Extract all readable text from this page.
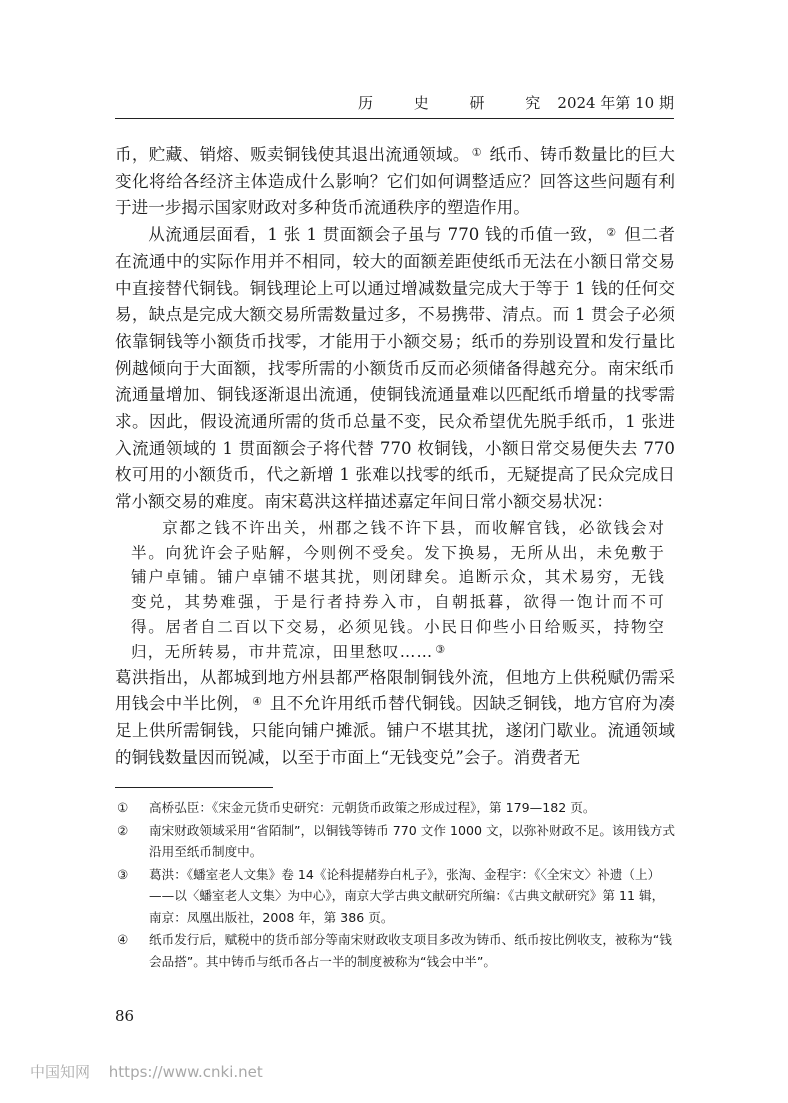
历 史 研 究 2024 年第 10 期

币，贮藏、销熔、贩卖铜钱使其退出流通领域。 ① 纸币、铸币数量比的巨大变化将给各经济主体造成什么影响？它们如何调整适应？回答这些问题有利于进一步揭示国家财政对多种货币流通秩序的塑造作用。

从流通层面看，1 张 1 贯面额会子虽与 770 钱的币值一致， ② 但二者在流通中的实际作用并不相同，较大的面额差距使纸币无法在小额日常交易中直接替代铜钱。铜钱理论上可以通过增减数量完成大于等于 1 钱的任何交易，缺点是完成大额交易所需数量过多，不易携带、清点。而 1 贯会子必须依靠铜钱等小额货币找零，才能用于小额交易；纸币的券别设置和发行量比例越倾向于大面额，找零所需的小额货币反而必须储备得越充分。南宋纸币流通量增加、铜钱逐渐退出流通，使铜钱流通量难以匹配纸币增量的找零需求。因此，假设流通所需的货币总量不变，民众希望优先脱手纸币，1 张进入流通领域的 1 贯面额会子将代替 770 枚铜钱，小额日常交易便失去 770 枚可用的小额货币，代之新增 1 张难以找零的纸币，无疑提高了民众完成日常小额交易的难度。南宋葛洪这样描述嘉定年间日常小额交易状况：

京都之钱不许出关，州郡之钱不许下县，而收解官钱，必欲钱会对半。向犹许会子贴解，今则例不受矣。发下换易，无所从出，未免敷于铺户卓铺。铺户卓铺不堪其扰，则闭肆矣。追断示众，其术易穷，无钱变兑，其势难强，于是行者持券入市，自朝抵暮，欲得一饱计而不可得。居者自二百以下交易，必须见钱。小民日仰些小日给贩买，持物空归，无所转易，市井荒凉，田里愁叹…… ③

葛洪指出，从都城到地方州县都严格限制铜钱外流，但地方上供税赋仍需采用钱会中半比例， ④ 且不允许用纸币替代铜钱。因缺乏铜钱，地方官府为凑足上供所需铜钱，只能向铺户摊派。铺户不堪其扰，遂闭门歇业。流通领域的铜钱数量因而锐减，以至于市面上“无钱变兑”会子。消费者无

①	高桥弘臣：《宋金元货币史研究：元朝货币政策之形成过程》，第 179—182 页。
②	南宋财政领域采用“省陌制”，以铜钱等铸币 770 文作 1000 文，以弥补财政不足。该用钱方式沿用至纸币制度中。
③	葛洪：《蟠室老人文集》卷 14《论科提赭券白札子》，张淘、金程宇：《〈全宋文〉补遗（上）——以〈蟠室老人文集〉为中心》，南京大学古典文献研究所编：《古典文献研究》第 11 辑，南京：凤凰出版社，2008 年，第 386 页。
④	纸币发行后，赋税中的货币部分等南宋财政收支项目多改为铸币、纸币按比例收支，被称为“钱会品搭”。其中铸币与纸币各占一半的制度被称为“钱会中半”。
86
中国知网 https://www.cnki.net
